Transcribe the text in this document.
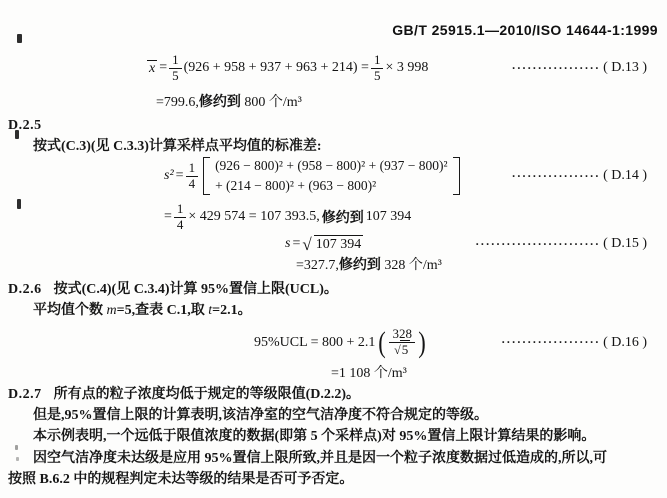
GB/T 25915.1—2010/ISO 14644-1:1999
$x = \frac{1}{5} (926 + 958 + 937 + 963 + 214) = \frac{1}{5} \times 3$ 998	················· ( D.13 )
=799.6,修约到 800 个/m³
D.2.5
按式(C.3)(见 C.3.3)计算采样点平均值的标准差:
$s^2 = \frac{1}{4} (926 - 800)^2 + (958 - 800)^2 + (937 - 800)^2$
+ (214 − 800)² + (963 − 800)²
················· ( D.14 )
= $\frac{1}{4} \times 429$ 574 = 107 393.5, 修约到 107 394
s = √ 107 394	························ ( D.15 )
=327.7,修约到 328 个/m³
D.2.6 按式(C.4)(见 C.3.4)计算 95%置信上限(UCL)。
平均值个数 m=5,查表 C.1,取 t=2.1。
95%UCL = 800 + 2.1 ( $\frac{328}{√5}$ )	··················· ( D.16 )
=1 108 个/m³
D.2.7 所有点的粒子浓度均低于规定的等级限值(D.2.2)。
但是,95%置信上限的计算表明,该洁净室的空气洁净度不符合规定的等级。
本示例表明,一个远低于限值浓度的数据(即第 5 个采样点)对 95%置信上限计算结果的影响。
因空气洁净度未达级是应用 95%置信上限所致,并且是因一个粒子浓度数据过低造成的,所以,可
按照 B.6.2 中的规程判定未达等级的结果是否可予否定。
